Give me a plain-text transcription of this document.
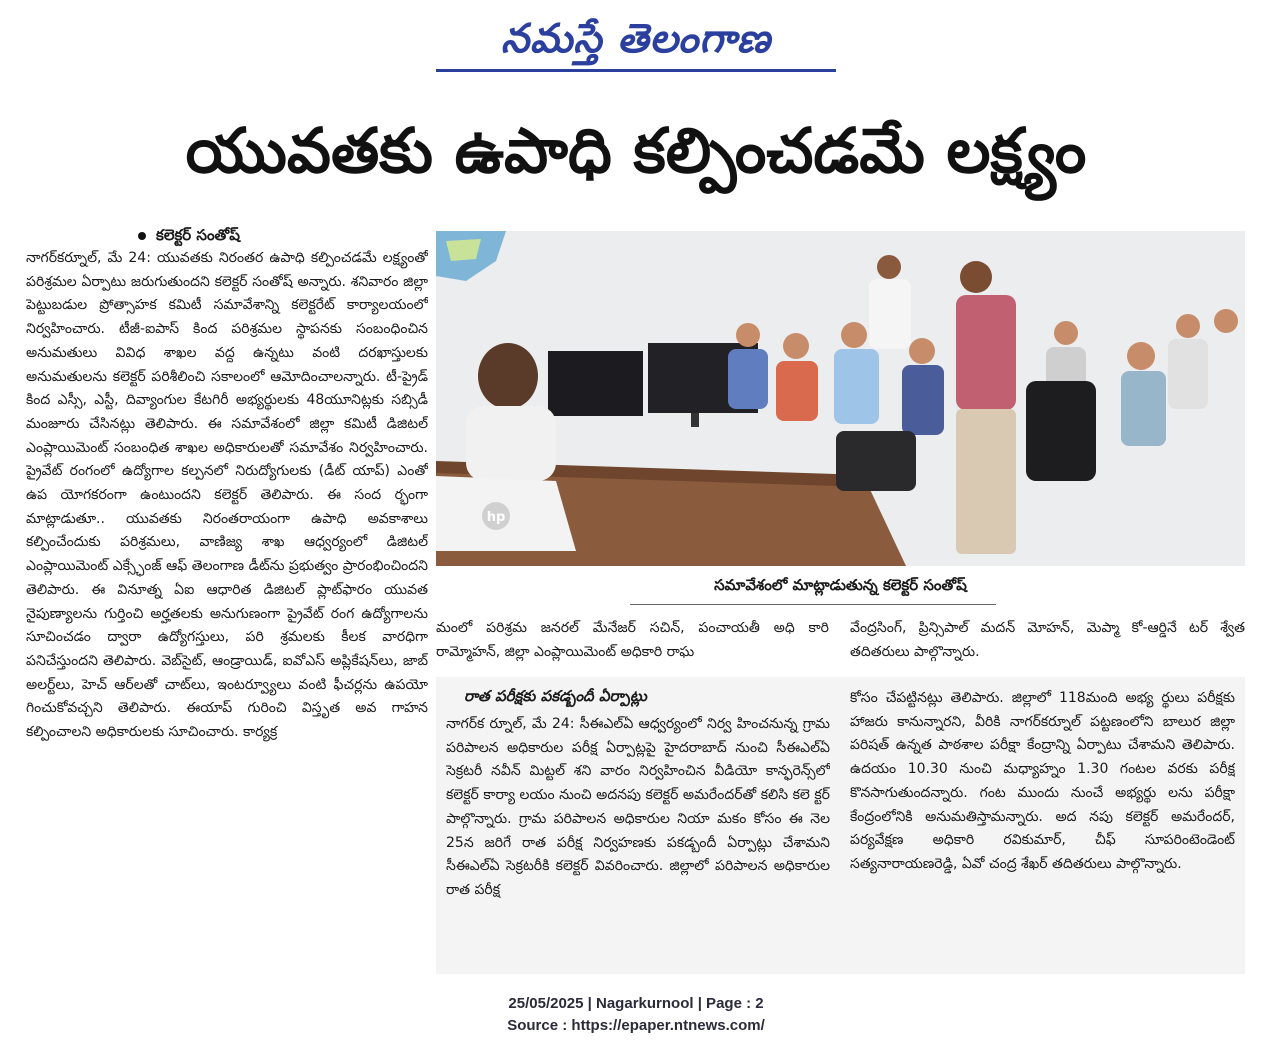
నమస్తే తెలంగాణ
యువతకు ఉపాధి కల్పించడమే లక్ష్యం
కలెక్టర్ సంతోష్
నాగర్‌కర్నూల్, మే 24: యువతకు నిరంతర ఉపాధి కల్పించడమే లక్ష్యంతో పరిశ్రమల ఏర్పాటు జరుగుతుందని కలెక్టర్ సంతోష్ అన్నారు. శనివారం జిల్లా పెట్టుబడుల ప్రోత్సాహక కమిటీ సమావేశాన్ని కలెక్టరేట్ కార్యాలయంలో నిర్వహించారు. టీజీ-ఐపాస్ కింద పరిశ్రమల స్థాపనకు సంబంధించిన అనుమతులు వివిధ శాఖల వద్ద ఉన్నటు వంటి దరఖాస్తులకు అనుమతులను కలెక్టర్ పరిశీలించి సకాలంలో ఆమోదించాలన్నారు. టీ-ప్రైడ్ కింద ఎస్సీ, ఎస్టీ, దివ్యాంగుల కేటగిరీ అభ్యర్థులకు 48యూనిట్లకు సబ్సిడీ మంజూరు చేసినట్లు తెలిపారు. ఈ సమావేశంలో జిల్లా కమిటీ డిజిటల్ ఎంప్లాయిమెంట్ సంబంధిత శాఖల అధికారులతో సమావేశం నిర్వహించారు. ప్రైవేట్ రంగంలో ఉద్యోగాల కల్పనలో నిరుద్యోగులకు (డీట్ యాప్) ఎంతో ఉప యోగకరంగా ఉంటుందని కలెక్టర్ తెలిపారు. ఈ సంద ర్భంగా మాట్లాడుతూ.. యువతకు నిరంతరాయంగా ఉపాధి అవకాశాలు కల్పించేందుకు పరిశ్రమలు, వాణిజ్య శాఖ ఆధ్వర్యంలో డిజిటల్ ఎంప్లాయిమెంట్ ఎక్స్ఛేంజ్ ఆఫ్ తెలంగాణ డీట్‌ను ప్రభుత్వం ప్రారంభించిందని తెలిపారు. ఈ వినూత్న ఏఐ ఆధారిత డిజిటల్ ప్లాట్‌ఫారం యువత నైపుణ్యాలను గుర్తించి అర్హతలకు అనుగుణంగా ప్రైవేట్ రంగ ఉద్యోగాలను సూచించడం ద్వారా ఉద్యోగస్తులు, పరి శ్రమలకు కీలక వారధిగా పనిచేస్తుందని తెలిపారు. వెబ్‌సైట్, ఆండ్రాయిడ్, ఐవోఎస్ అప్లికేషన్‌లు, జాబ్ అలర్ట్‌లు, హెచ్ ఆర్‌లతో చాట్‌లు, ఇంటర్వ్యూలు వంటి ఫీచర్లను ఉపయో గించుకోవచ్చని తెలిపారు. ఈయాప్ గురించి విస్తృత అవ గాహన కల్పించాలని అధికారులకు సూచించారు. కార్యక్ర
hp
సమావేశంలో మాట్లాడుతున్న కలెక్టర్ సంతోష్
మంలో పరిశ్రమ జనరల్ మేనేజర్ సచిన్, పంచాయతీ అధి కారి రామ్మోహన్, జిల్లా ఎంప్లాయిమెంట్ అధికారి రాఘ
వేంద్రసింగ్, ప్రిన్సిపాల్ మదన్ మోహన్, మెప్మా కో-ఆర్డినే టర్ శ్వేత తదితరులు పాల్గొన్నారు.
రాత పరీక్షకు పకడ్బందీ ఏర్పాట్లు
నాగర్‌క ర్నూల్, మే 24: సీఈఎల్ఏ ఆధ్వర్యంలో నిర్వ హించనున్న గ్రామ పరిపాలన అధికారుల పరీక్ష ఏర్పాట్లపై హైదరాబాద్ నుంచి సీఈఎల్ఏ సెక్రటరీ నవీన్ మిట్టల్ శని వారం నిర్వహించిన వీడియో కాన్ఫరెన్స్‌లో కలెక్టర్ కార్యా లయం నుంచి అదనపు కలెక్టర్ అమరేందర్‌తో కలిసి కలె క్టర్ పాల్గొన్నారు. గ్రామ పరిపాలన అధికారుల నియా మకం కోసం ఈ నెల 25న జరిగే రాత పరీక్ష నిర్వహణకు పకడ్బందీ ఏర్పాట్లు చేశామని సీఈఎల్ఏ సెక్రటరీకి కలెక్టర్ వివరించారు. జిల్లాలో పరిపాలన అధికారుల రాత పరీక్ష
కోసం చేపట్టినట్లు తెలిపారు. జిల్లాలో 118మంది అభ్య ర్థులు పరీక్షకు హాజరు కానున్నారని, వీరికి నాగర్‌కర్నూల్ పట్టణంలోని బాలుర జిల్లా పరిషత్ ఉన్నత పాఠశాల పరీక్షా కేంద్రాన్ని ఏర్పాటు చేశామని తెలిపారు. ఉదయం 10.30 నుంచి మధ్యాహ్నం 1.30 గంటల వరకు పరీక్ష కొనసాగుతుందన్నారు. గంట ముందు నుంచే అభ్యర్థు లను పరీక్షా కేంద్రంలోనికి అనుమతిస్తామన్నారు. అద నపు కలెక్టర్ అమరేందర్, పర్యవేక్షణ అధికారి రవికుమార్, చీఫ్ సూపరింటెండెంట్ సత్యనారాయణరెడ్డి, ఏవో చంద్ర శేఖర్ తదితరులు పాల్గొన్నారు.
25/05/2025 | Nagarkurnool | Page : 2
Source : https://epaper.ntnews.com/
